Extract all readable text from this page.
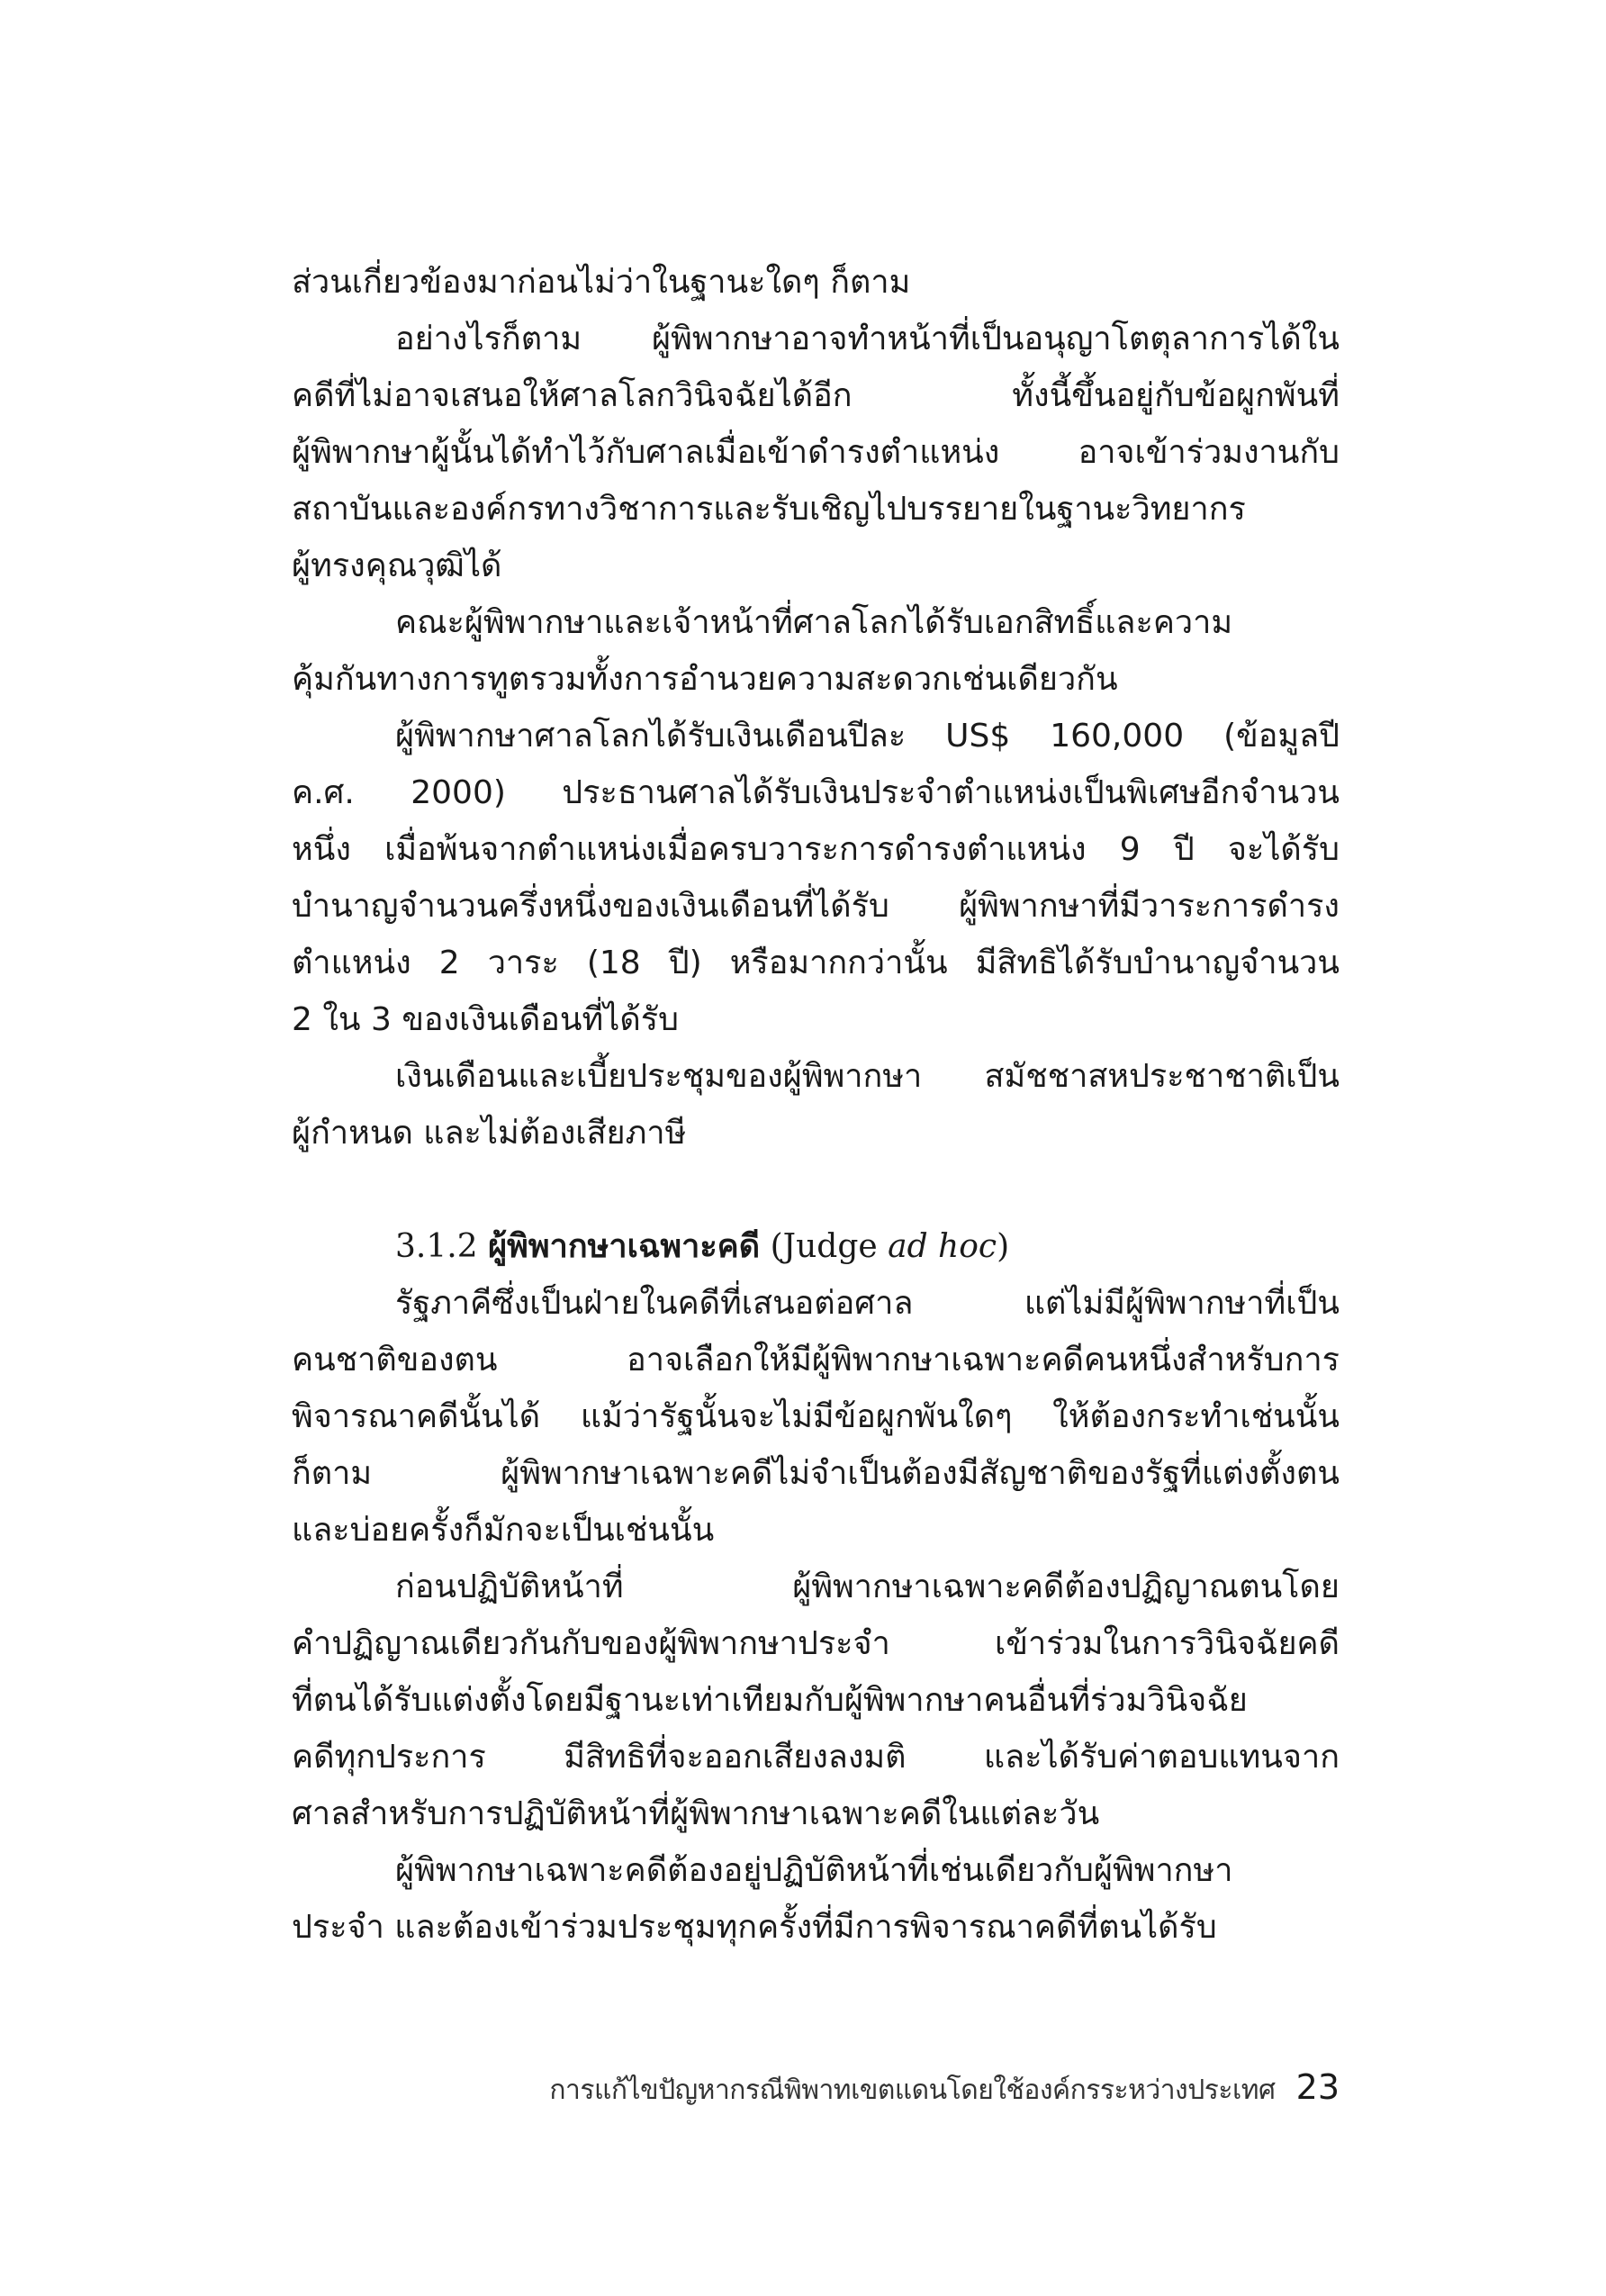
ส่วนเกี่ยวข้องมาก่อนไม่ว่าในฐานะใดๆ ก็ตาม
อย่างไรก็ตาม ผู้พิพากษาอาจทำหน้าที่เป็นอนุญาโตตุลาการได้ใน
คดีที่ไม่อาจเสนอให้ศาลโลกวินิจฉัยได้อีก ทั้งนี้ขึ้นอยู่กับข้อผูกพันที่
ผู้พิพากษาผู้นั้นได้ทำไว้กับศาลเมื่อเข้าดำรงตำแหน่ง อาจเข้าร่วมงานกับ
สถาบันและองค์กรทางวิชาการและรับเชิญไปบรรยายในฐานะวิทยากร
ผู้ทรงคุณวุฒิได้
คณะผู้พิพากษาและเจ้าหน้าที่ศาลโลกได้รับเอกสิทธิ์และความ
คุ้มกันทางการทูตรวมทั้งการอำนวยความสะดวกเช่นเดียวกัน
ผู้พิพากษาศาลโลกได้รับเงินเดือนปีละ US$ 160,000 (ข้อมูลปี
ค.ศ. 2000) ประธานศาลได้รับเงินประจำตำแหน่งเป็นพิเศษอีกจำนวน
หนึ่ง เมื่อพ้นจากตำแหน่งเมื่อครบวาระการดำรงตำแหน่ง 9 ปี จะได้รับ
บำนาญจำนวนครึ่งหนึ่งของเงินเดือนที่ได้รับ ผู้พิพากษาที่มีวาระการดำรง
ตำแหน่ง 2 วาระ (18 ปี) หรือมากกว่านั้น มีสิทธิได้รับบำนาญจำนวน
2 ใน 3 ของเงินเดือนที่ได้รับ
เงินเดือนและเบี้ยประชุมของผู้พิพากษา สมัชชาสหประชาชาติเป็น
ผู้กำหนด และไม่ต้องเสียภาษี
3.1.2 ผู้พิพากษาเฉพาะคดี (Judge ad hoc)
รัฐภาคีซึ่งเป็นฝ่ายในคดีที่เสนอต่อศาล แต่ไม่มีผู้พิพากษาที่เป็น
คนชาติของตน อาจเลือกให้มีผู้พิพากษาเฉพาะคดีคนหนึ่งสำหรับการ
พิจารณาคดีนั้นได้ แม้ว่ารัฐนั้นจะไม่มีข้อผูกพันใดๆ ให้ต้องกระทำเช่นนั้น
ก็ตาม ผู้พิพากษาเฉพาะคดีไม่จำเป็นต้องมีสัญชาติของรัฐที่แต่งตั้งตน
และบ่อยครั้งก็มักจะเป็นเช่นนั้น
ก่อนปฏิบัติหน้าที่ ผู้พิพากษาเฉพาะคดีต้องปฏิญาณตนโดย
คำปฏิญาณเดียวกันกับของผู้พิพากษาประจำ เข้าร่วมในการวินิจฉัยคดี
ที่ตนได้รับแต่งตั้งโดยมีฐานะเท่าเทียมกับผู้พิพากษาคนอื่นที่ร่วมวินิจฉัย
คดีทุกประการ มีสิทธิที่จะออกเสียงลงมติ และได้รับค่าตอบแทนจาก
ศาลสำหรับการปฏิบัติหน้าที่ผู้พิพากษาเฉพาะคดีในแต่ละวัน
ผู้พิพากษาเฉพาะคดีต้องอยู่ปฏิบัติหน้าที่เช่นเดียวกับผู้พิพากษา
ประจำ และต้องเข้าร่วมประชุมทุกครั้งที่มีการพิจารณาคดีที่ตนได้รับ
การแก้ไขปัญหากรณีพิพาทเขตแดนโดยใช้องค์กรระหว่างประเทศ 23
